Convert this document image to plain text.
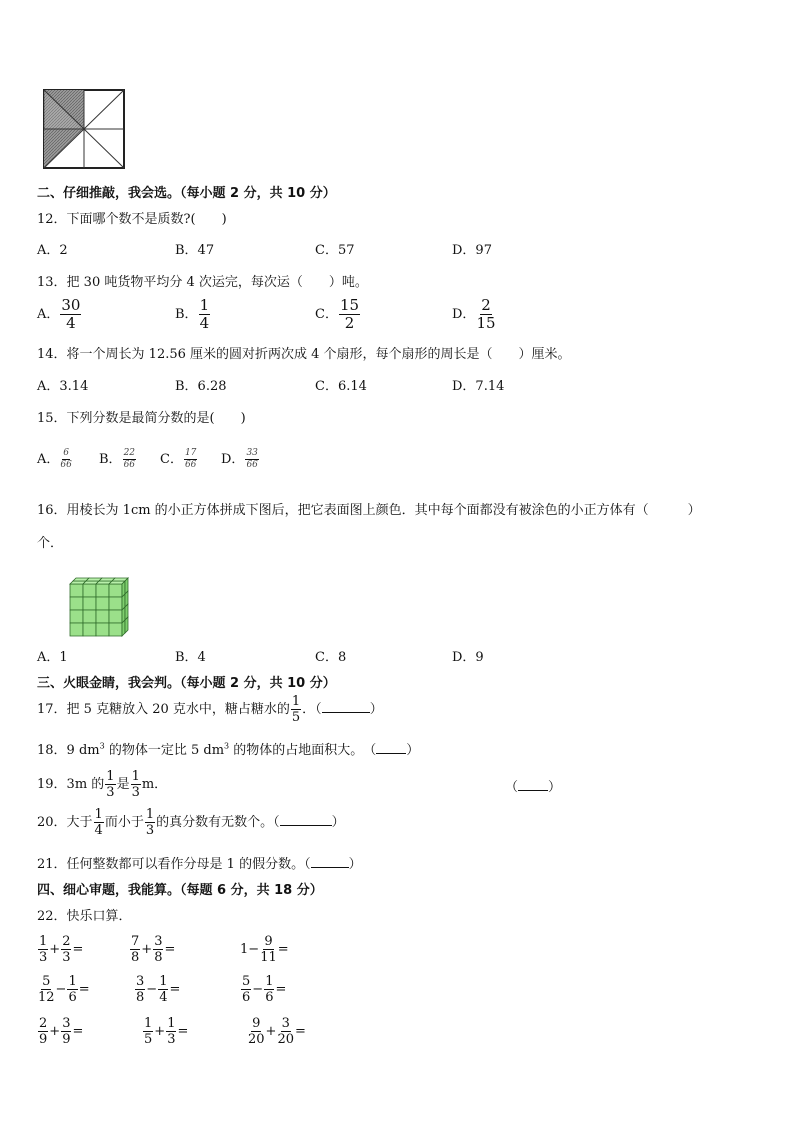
二、仔细推敲，我会选。（每小题 2 分，共 10 分）
12．下面哪个数不是质数?(　　)
A．2	B．47	C．57	D．97
13．把 30 吨货物平均分 4 次运完，每次运（　　）吨。
A． $\frac{30}{4}$	B． $\frac{1}{4}$	C． $\frac{15}{2}$	D． $\frac{2}{15}$
14．将一个周长为 12.56 厘米的圆对折两次成 4 个扇形，每个扇形的周长是（　　）厘米。
A．3.14	B．6.28	C．6.14	D．7.14
15．下列分数是最简分数的是(　　)
A． $\frac{6}{66}$ B． $\frac{22}{66}$ C． $\frac{17}{66}$ D． $\frac{33}{66}$
16．用棱长为 1cm 的小正方体拼成下图后，把它表面图上颜色．其中每个面都没有被涂色的小正方体有（　　　）
个．
A．1	B．4	C．8	D．9
三、火眼金睛，我会判。（每小题 2 分，共 10 分）
17．把 5 克糖放入 20 克水中，糖占糖水的 $\frac{1}{5}$ ．（	）
18．9 $dm^3$ 的物体一定比 5 $dm^3$ 的物体的占地面积大。　（ ）
19．3m 的 $\frac{1}{3}$ 是 $\frac{1}{3}$ m．	（ ）
20．大于 $\frac{1}{4}$ 而小于 $\frac{1}{3}$ 的真分数有无数个。（	）
21．任何整数都可以看作分母是 1 的假分数。（	）
四、细心审题，我能算。（每题 6 分，共 18 分）
22．快乐口算．
$\frac{1}{3} + \frac{2}{3}$ =	$\frac{7}{8} + \frac{3}{8}$ =	$1- \frac{9}{11}$ =
$\frac{5}{12} - \frac{1}{6}$ =	$\frac{3}{8} - \frac{1}{4}$ =	$\frac{5}{6} - \frac{1}{6}$ =
$\frac{2}{9} + \frac{3}{9}$ =	$\frac{1}{5} + \frac{1}{3}$ =	$\frac{9}{20} + \frac{3}{20}$ =
